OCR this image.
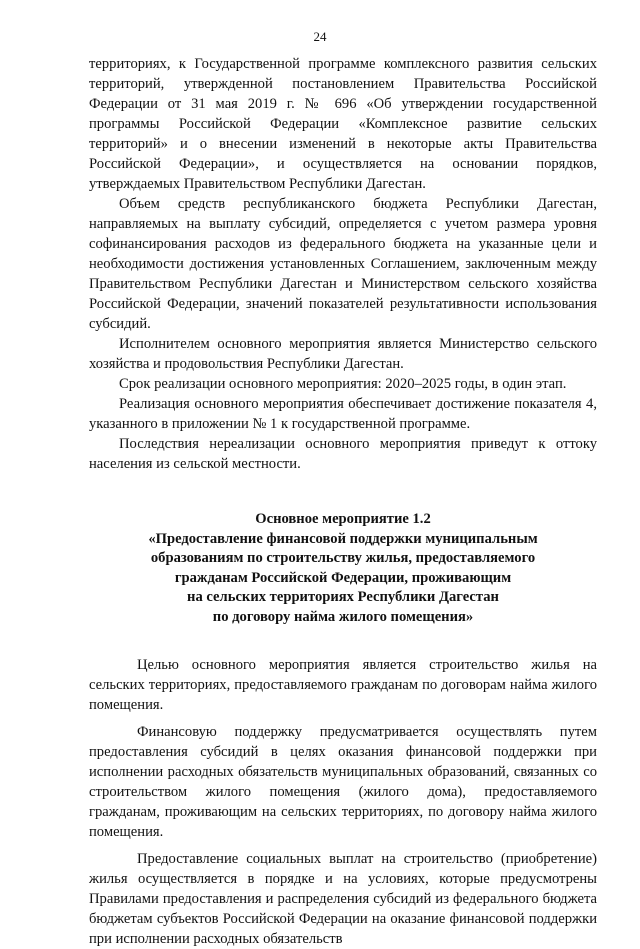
24

территориях, к Государственной программе комплексного развития сельских территорий, утвержденной постановлением Правительства Российской Федерации от 31 мая 2019 г. № 696 «Об утверждении государственной программы Российской Федерации «Комплексное развитие сельских территорий» и о внесении изменений в некоторые акты Правительства Российской Федерации», и осуществляется на основании порядков, утверждаемых Правительством Республики Дагестан.

Объем средств республиканского бюджета Республики Дагестан, направляемых на выплату субсидий, определяется с учетом размера уровня софинансирования расходов из федерального бюджета на указанные цели и необходимости достижения установленных Соглашением, заключенным между Правительством Республики Дагестан и Министерством сельского хозяйства Российской Федерации, значений показателей результативности использования субсидий.

Исполнителем основного мероприятия является Министерство сельского хозяйства и продовольствия Республики Дагестан.

Срок реализации основного мероприятия: 2020–2025 годы, в один этап.

Реализация основного мероприятия обеспечивает достижение показателя 4, указанного в приложении № 1 к государственной программе.

Последствия нереализации основного мероприятия приведут к оттоку населения из сельской местности.

Основное мероприятие 1.2
«Предоставление финансовой поддержки муниципальным
образованиям по строительству жилья, предоставляемого
гражданам Российской Федерации, проживающим
на сельских территориях Республики Дагестан
по договору найма жилого помещения»

Целью основного мероприятия является строительство жилья на сельских территориях, предоставляемого гражданам по договорам найма жилого помещения.

Финансовую поддержку предусматривается осуществлять путем предоставления субсидий в целях оказания финансовой поддержки при исполнении расходных обязательств муниципальных образований, связанных со строительством жилого помещения (жилого дома), предоставляемого гражданам, проживающим на сельских территориях, по договору найма жилого помещения.

Предоставление социальных выплат на строительство (приобретение) жилья осуществляется в порядке и на условиях, которые предусмотрены Правилами предоставления и распределения субсидий из федерального бюджета бюджетам субъектов Российской Федерации на оказание финансовой поддержки при исполнении расходных обязательств
